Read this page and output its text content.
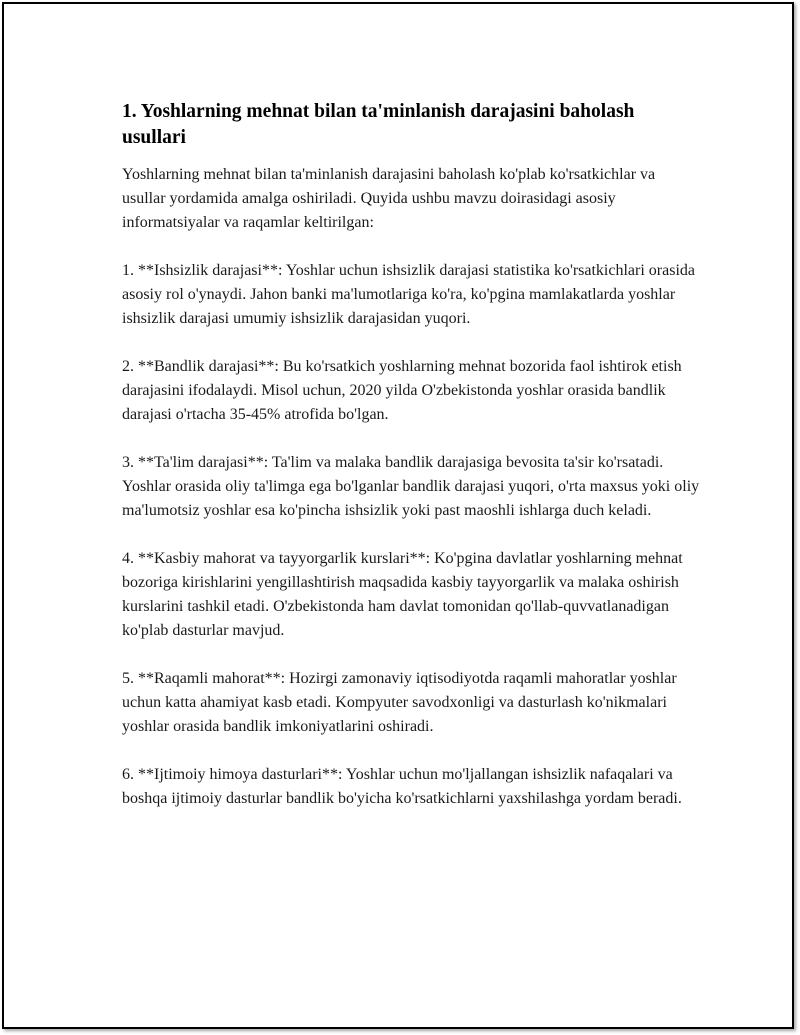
1. Yoshlarning mehnat bilan ta'minlanish darajasini baholash usullari

Yoshlarning mehnat bilan ta'minlanish darajasini baholash ko'plab ko'rsatkichlar va usullar yordamida amalga oshiriladi. Quyida ushbu mavzu doirasidagi asosiy informatsiyalar va raqamlar keltirilgan:

1. **Ishsizlik darajasi**: Yoshlar uchun ishsizlik darajasi statistika ko'rsatkichlari orasida asosiy rol o'ynaydi. Jahon banki ma'lumotlariga ko'ra, ko'pgina mamlakatlarda yoshlar ishsizlik darajasi umumiy ishsizlik darajasidan yuqori.

2. **Bandlik darajasi**: Bu ko'rsatkich yoshlarning mehnat bozorida faol ishtirok etish darajasini ifodalaydi. Misol uchun, 2020 yilda O'zbekistonda yoshlar orasida bandlik darajasi o'rtacha 35-45% atrofida bo'lgan.

3. **Ta'lim darajasi**: Ta'lim va malaka bandlik darajasiga bevosita ta'sir ko'rsatadi. Yoshlar orasida oliy ta'limga ega bo'lganlar bandlik darajasi yuqori, o'rta maxsus yoki oliy ma'lumotsiz yoshlar esa ko'pincha ishsizlik yoki past maoshli ishlarga duch keladi.

4. **Kasbiy mahorat va tayyorgarlik kurslari**: Ko'pgina davlatlar yoshlarning mehnat bozoriga kirishlarini yengillashtirish maqsadida kasbiy tayyorgarlik va malaka oshirish kurslarini tashkil etadi. O'zbekistonda ham davlat tomonidan qo'llab-quvvatlanadigan ko'plab dasturlar mavjud.

5. **Raqamli mahorat**: Hozirgi zamonaviy iqtisodiyotda raqamli mahoratlar yoshlar uchun katta ahamiyat kasb etadi. Kompyuter savodxonligi va dasturlash ko'nikmalari yoshlar orasida bandlik imkoniyatlarini oshiradi.

6. **Ijtimoiy himoya dasturlari**: Yoshlar uchun mo'ljallangan ishsizlik nafaqalari va boshqa ijtimoiy dasturlar bandlik bo'yicha ko'rsatkichlarni yaxshilashga yordam beradi.
